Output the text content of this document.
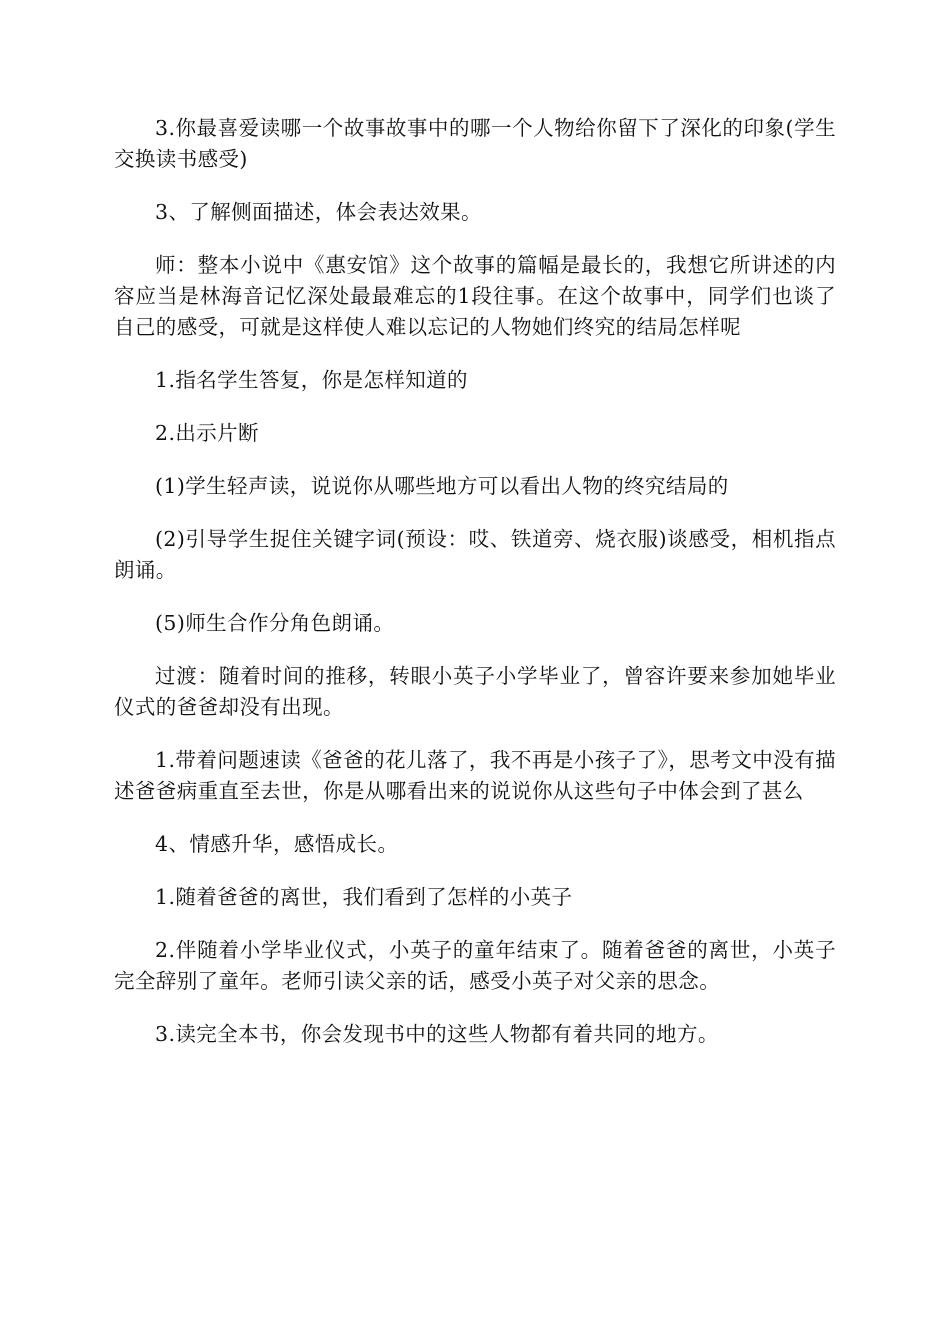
3.你最喜爱读哪一个故事故事中的哪一个人物给你留下了深化的印象(学生交换读书感受)

3、了解侧面描述，体会表达效果。

师：整本小说中《惠安馆》这个故事的篇幅是最长的，我想它所讲述的内容应当是林海音记忆深处最最难忘的1段往事。在这个故事中，同学们也谈了自己的感受，可就是这样使人难以忘记的人物她们终究的结局怎样呢

1.指名学生答复，你是怎样知道的

2.出示片断

(1)学生轻声读，说说你从哪些地方可以看出人物的终究结局的

(2)引导学生捉住关键字词(预设：哎、铁道旁、烧衣服)谈感受，相机指点朗诵。

(5)师生合作分角色朗诵。

过渡：随着时间的推移，转眼小英子小学毕业了，曾容许要来参加她毕业仪式的爸爸却没有出现。

1.带着问题速读《爸爸的花儿落了，我不再是小孩子了》，思考文中没有描述爸爸病重直至去世，你是从哪看出来的说说你从这些句子中体会到了甚么

4、情感升华，感悟成长。

1.随着爸爸的离世，我们看到了怎样的小英子

2.伴随着小学毕业仪式，小英子的童年结束了。随着爸爸的离世，小英子完全辞别了童年。老师引读父亲的话，感受小英子对父亲的思念。

3.读完全本书，你会发现书中的这些人物都有着共同的地方。
